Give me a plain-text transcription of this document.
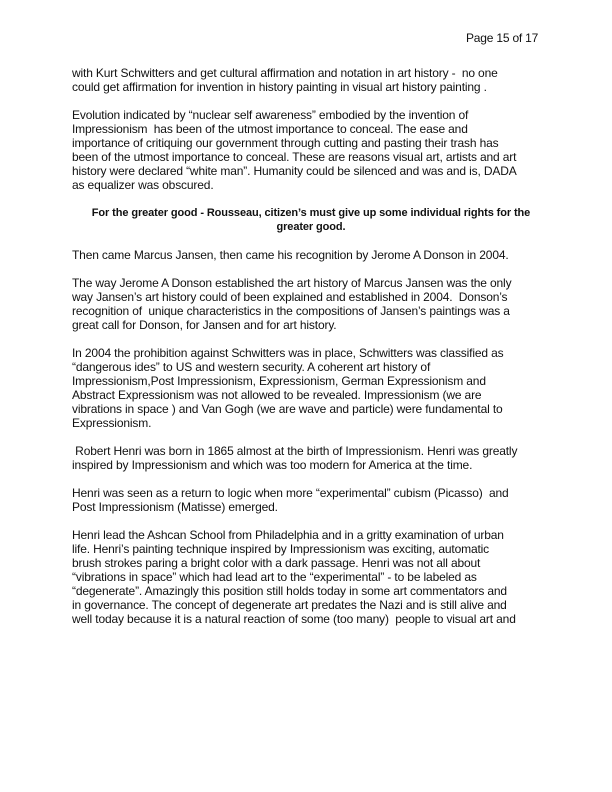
Page 15 of 17

with Kurt Schwitters and get cultural affirmation and notation in art history -  no one
could get affirmation for invention in history painting in visual art history painting .

Evolution indicated by “nuclear self awareness” embodied by the invention of
Impressionism  has been of the utmost importance to conceal. The ease and
importance of critiquing our government through cutting and pasting their trash has
been of the utmost importance to conceal. These are reasons visual art, artists and art
history were declared “white man”. Humanity could be silenced and was and is, DADA
as equalizer was obscured.

For the greater good - Rousseau, citizen’s must give up some individual rights for the
greater good.

Then came Marcus Jansen, then came his recognition by Jerome A Donson in 2004.

The way Jerome A Donson established the art history of Marcus Jansen was the only
way Jansen’s art history could of been explained and established in 2004.  Donson’s
recognition of  unique characteristics in the compositions of Jansen’s paintings was a
great call for Donson, for Jansen and for art history.

In 2004 the prohibition against Schwitters was in place, Schwitters was classified as
“dangerous ides” to US and western security. A coherent art history of
Impressionism,Post Impressionism, Expressionism, German Expressionism and
Abstract Expressionism was not allowed to be revealed. Impressionism (we are
vibrations in space ) and Van Gogh (we are wave and particle) were fundamental to
Expressionism.

Robert Henri was born in 1865 almost at the birth of Impressionism. Henri was greatly
inspired by Impressionism and which was too modern for America at the time.

Henri was seen as a return to logic when more “experimental” cubism (Picasso)  and
Post Impressionism (Matisse) emerged.

Henri lead the Ashcan School from Philadelphia and in a gritty examination of urban
life. Henri’s painting technique inspired by Impressionism was exciting, automatic
brush strokes paring a bright color with a dark passage. Henri was not all about
“vibrations in space” which had lead art to the “experimental” - to be labeled as
“degenerate”. Amazingly this position still holds today in some art commentators and
in governance. The concept of degenerate art predates the Nazi and is still alive and
well today because it is a natural reaction of some (too many)  people to visual art and
